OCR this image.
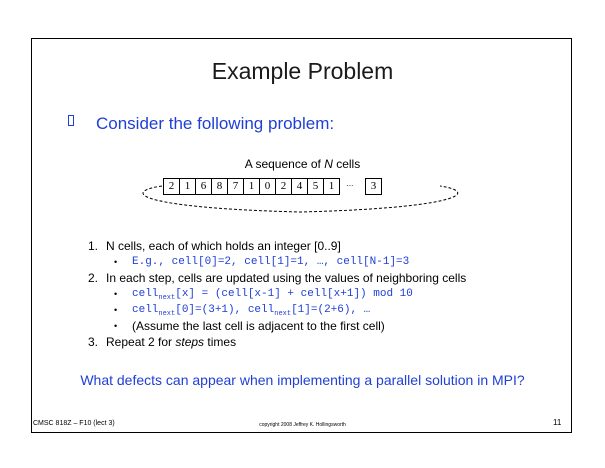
Example Problem
Consider the following problem:
A sequence of N cells
2 1 6 8 7 1 0 2 4 5 1	...	3
1. N cells, each of which holds an integer [0..9]
• E.g., cell[0]=2, cell[1]=1, …, cell[N-1]=3
2. In each step, cells are updated using the values of neighboring cells
• cell$_{next}$[x] = (cell[x-1] + cell[x+1]) mod 10
• cell$_{next}$[0]=(3+1), cell$_{next}$[1]=(2+6), …
• (Assume the last cell is adjacent to the first cell)
3. Repeat 2 for steps times
What defects can appear when implementing a parallel solution in MPI?
CMSC 818Z – F10 (lect 3)	copyright 2008 Jeffrey K. Hollingsworth	11
